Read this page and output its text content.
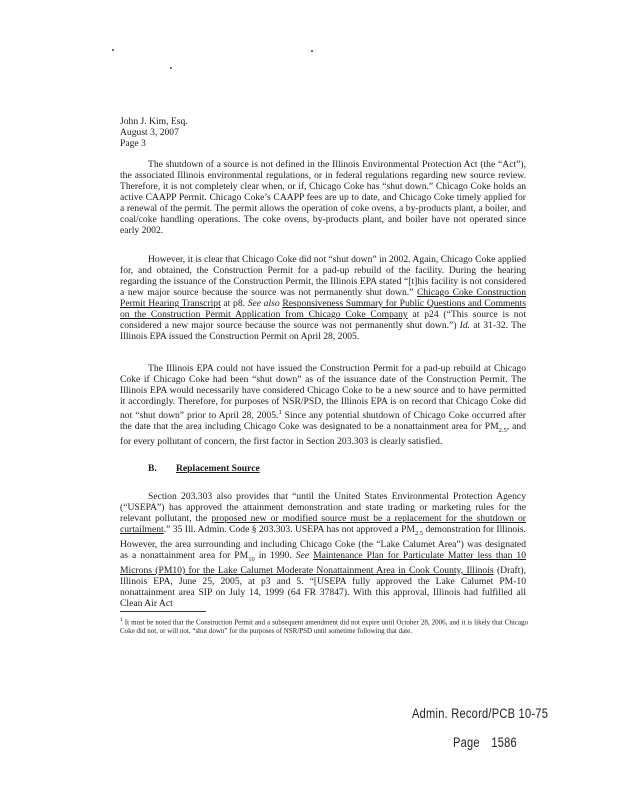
John J. Kim, Esq.
August 3, 2007
Page 3

The shutdown of a source is not defined in the Illinois Environmental Protection Act (the “Act”), the associated Illinois environmental regulations, or in federal regulations regarding new source review. Therefore, it is not completely clear when, or if, Chicago Coke has “shut down.” Chicago Coke holds an active CAAPP Permit. Chicago Coke’s CAAPP fees are up to date, and Chicago Coke timely applied for a renewal of the permit. The permit allows the operation of coke ovens, a by-products plant, a boiler, and coal/coke handling operations. The coke ovens, by-products plant, and boiler have not operated since early 2002.

However, it is clear that Chicago Coke did not “shut down” in 2002. Again, Chicago Coke applied for, and obtained, the Construction Permit for a pad-up rebuild of the facility. During the hearing regarding the issuance of the Construction Permit, the Illinois EPA stated “[t]his facility is not considered a new major source because the source was not permanently shut down.” Chicago Coke Construction Permit Hearing Transcript at p8. See also Responsiveness Summary for Public Questions and Comments on the Construction Permit Application from Chicago Coke Company at p24 (“This source is not considered a new major source because the source was not permanently shut down.”) Id. at 31-32. The Illinois EPA issued the Construction Permit on April 28, 2005.

The Illinois EPA could not have issued the Construction Permit for a pad-up rebuild at Chicago Coke if Chicago Coke had been “shut down” as of the issuance date of the Construction Permit. The Illinois EPA would necessarily have considered Chicago Coke to be a new source and to have permitted it accordingly. Therefore, for purposes of NSR/PSD, the Illinois EPA is on record that Chicago Coke did not “shut down” prior to April 28, 2005.$^1$ Since any potential shutdown of Chicago Coke occurred after the date that the area including Chicago Coke was designated to be a nonattainment area for $PM_{2.5}$, and for every pollutant of concern, the first factor in Section 203.303 is clearly satisfied.

B. Replacement Source

Section 203.303 also provides that “until the United States Environmental Protection Agency (“USEPA”) has approved the attainment demonstration and state trading or marketing rules for the relevant pollutant, the proposed new or modified source must be a replacement for the shutdown or curtailment.” 35 Ill. Admin. Code § 203.303. USEPA has not approved a $PM_{2.5}$ demonstration for Illinois. However, the area surrounding and including Chicago Coke (the “Lake Calumet Area”) was designated as a nonattainment area for $PM_{10}$ in 1990. See Maintenance Plan for Particulate Matter less than 10 Microns (PM10) for the Lake Calumet Moderate Nonattainment Area in Cook County, Illinois (Draft), Illinois EPA, June 25, 2005, at p3 and 5. “[USEPA fully approved the Lake Calumet PM-10 nonattainment area SIP on July 14, 1999 (64 FR 37847). With this approval, Illinois had fulfilled all Clean Air Act

$^1$ It must be noted that the Construction Permit and a subsequent amendment did not expire until October 28, 2006, and it is likely that Chicago Coke did not, or will not, “shut down” for the purposes of NSR/PSD until sometime following that date.

Admin. Record/PCB 10-75
Page 1586
